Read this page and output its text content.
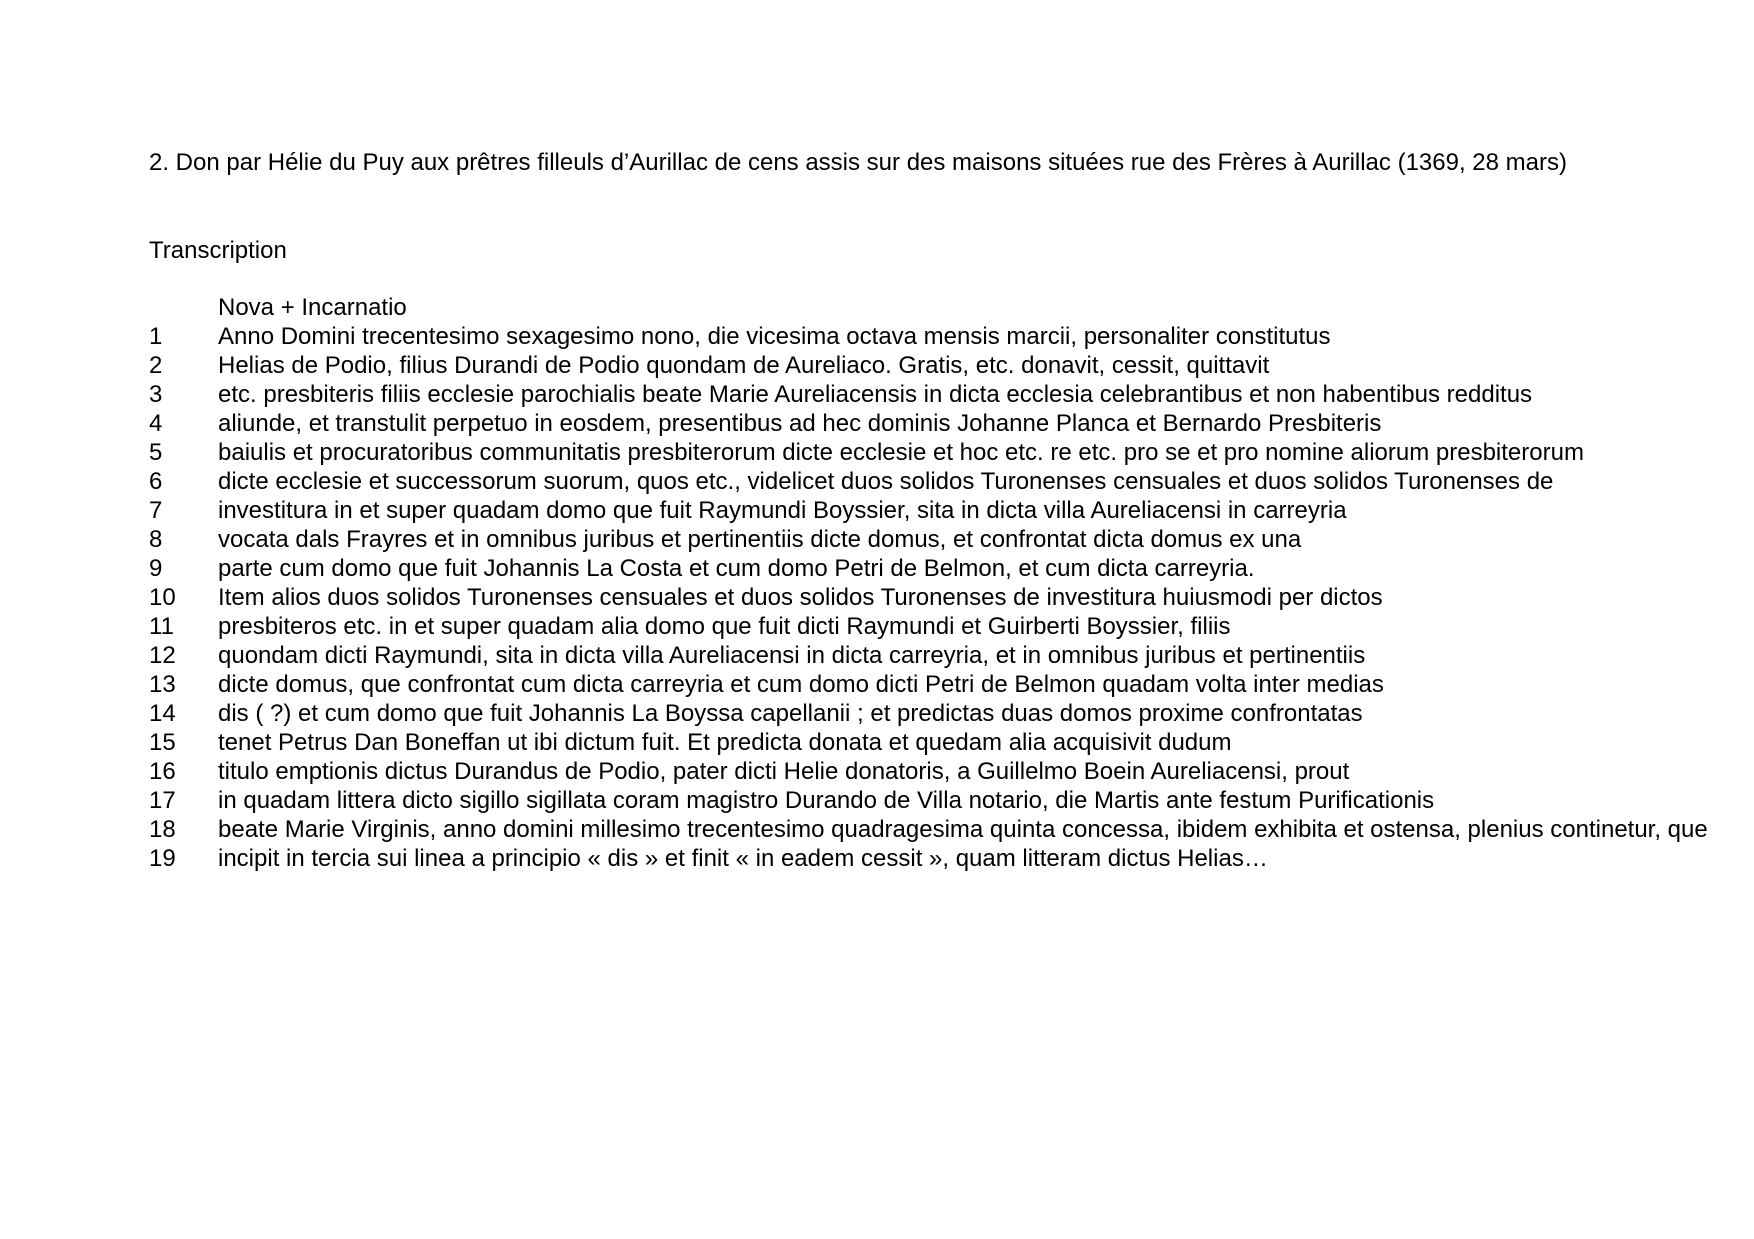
2. Don par Hélie du Puy aux prêtres filleuls d’Aurillac de cens assis sur des maisons situées rue des Frères à Aurillac (1369, 28 mars)
Transcription
Nova + Incarnatio
1	Anno Domini trecentesimo sexagesimo nono, die vicesima octava mensis marcii, personaliter constitutus
2	Helias de Podio, filius Durandi de Podio quondam de Aureliaco. Gratis, etc. donavit, cessit, quittavit
3	etc. presbiteris filiis ecclesie parochialis beate Marie Aureliacensis in dicta ecclesia celebrantibus et non habentibus redditus
4	aliunde, et transtulit perpetuo in eosdem, presentibus ad hec dominis Johanne Planca et Bernardo Presbiteris
5	baiulis et procuratoribus communitatis presbiterorum dicte ecclesie et hoc etc. re etc. pro se et pro nomine aliorum presbiterorum
6	dicte ecclesie et successorum suorum, quos etc., videlicet duos solidos Turonenses censuales et duos solidos Turonenses de
7	investitura in et super quadam domo que fuit Raymundi Boyssier, sita in dicta villa Aureliacensi in carreyria
8	vocata dals Frayres et in omnibus juribus et pertinentiis dicte domus, et confrontat dicta domus ex una
9	parte cum domo que fuit Johannis La Costa et cum domo Petri de Belmon, et cum dicta carreyria.
10	Item alios duos solidos Turonenses censuales et duos solidos Turonenses de investitura huiusmodi per dictos
11	presbiteros etc. in et super quadam alia domo que fuit dicti Raymundi et Guirberti Boyssier, filiis
12	quondam dicti Raymundi, sita in dicta villa Aureliacensi in dicta carreyria, et in omnibus juribus et pertinentiis
13	dicte domus, que confrontat cum dicta carreyria et cum domo dicti Petri de Belmon quadam volta inter medias
14	dis ( ?) et cum domo que fuit Johannis La Boyssa capellanii ; et predictas duas domos proxime confrontatas
15	tenet Petrus Dan Boneffan ut ibi dictum fuit. Et predicta donata et quedam alia acquisivit dudum
16	titulo emptionis dictus Durandus de Podio, pater dicti Helie donatoris, a Guillelmo Boein Aureliacensi, prout
17	in quadam littera dicto sigillo sigillata coram magistro Durando de Villa notario, die Martis ante festum Purificationis
18	beate Marie Virginis, anno domini millesimo trecentesimo quadragesima quinta concessa, ibidem exhibita et ostensa, plenius continetur, que
19	incipit in tercia sui linea a principio « dis » et finit « in eadem cessit », quam litteram dictus Helias…
